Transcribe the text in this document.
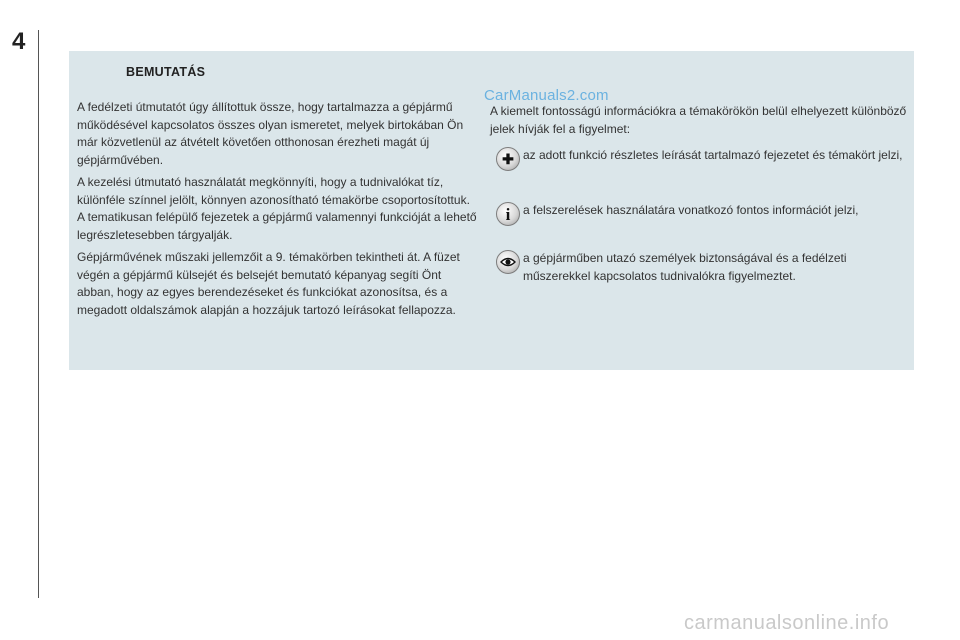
4
BEMUTATÁS
CarManuals2.com

A fedélzeti útmutatót úgy állítottuk össze, hogy tartalmazza a gépjármű működésével kapcsolatos összes olyan ismeretet, melyek birtokában Ön már közvetlenül az átvételt követően otthonosan érezheti magát új gépjárművében.

A kezelési útmutató használatát megkönnyíti, hogy a tudnivalókat tíz, különféle színnel jelölt, könnyen azonosítható témakörbe csoportosítottuk. A tematikusan felépülő fejezetek a gépjármű valamennyi funkcióját a lehető legrészletesebben tárgyalják.

Gépjárművének műszaki jellemzőit a 9. témakörben tekintheti át. A füzet végén a gépjármű külsejét és belsejét bemutató képanyag segíti Önt abban, hogy az egyes berendezéseket és funkciókat azonosítsa, és a megadott oldalszámok alapján a hozzájuk tartozó leírásokat fellapozza.

A kiemelt fontosságú információkra a témakörökön belül elhelyezett különböző jelek hívják fel a figyelmet:

✚ az adott funkció részletes leírását tartalmazó fejezetet és témakört jelzi,
i	a felszerelések használatára vonatkozó fontos információt jelzi,
a gépjárműben utazó személyek biztonságával és a fedélzeti műszerekkel kapcsolatos tudnivalókra figyelmeztet.
carmanualsonline.info
